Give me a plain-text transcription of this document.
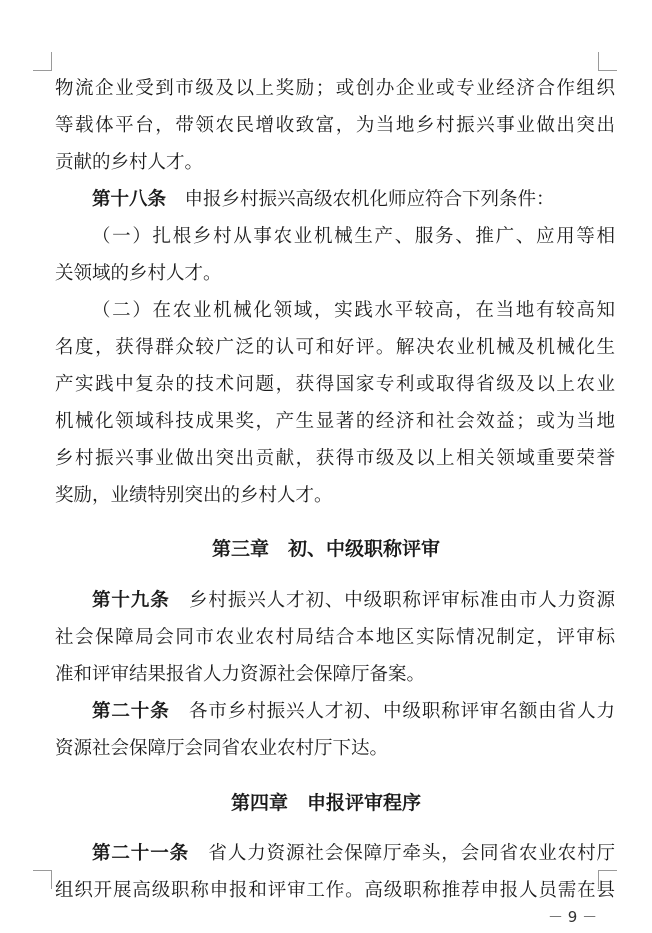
物流企业受到市级及以上奖励；或创办企业或专业经济合作组织
等载体平台，带领农民增收致富，为当地乡村振兴事业做出突出
贡献的乡村人才。
第十八条　申报乡村振兴高级农机化师应符合下列条件：
（一）扎根乡村从事农业机械生产、服务、推广、应用等相
关领域的乡村人才。
（二）在农业机械化领域，实践水平较高，在当地有较高知
名度，获得群众较广泛的认可和好评。解决农业机械及机械化生
产实践中复杂的技术问题，获得国家专利或取得省级及以上农业
机械化领域科技成果奖，产生显著的经济和社会效益；或为当地
乡村振兴事业做出突出贡献，获得市级及以上相关领域重要荣誉
奖励，业绩特别突出的乡村人才。
第三章　初、中级职称评审
第十九条　乡村振兴人才初、中级职称评审标准由市人力资源
社会保障局会同市农业农村局结合本地区实际情况制定，评审标
准和评审结果报省人力资源社会保障厅备案。
第二十条　各市乡村振兴人才初、中级职称评审名额由省人力
资源社会保障厅会同省农业农村厅下达。
第四章　申报评审程序
第二十一条　省人力资源社会保障厅牵头，会同省农业农村厅
组织开展高级职称申报和评审工作。高级职称推荐申报人员需在县
－ 9 －
